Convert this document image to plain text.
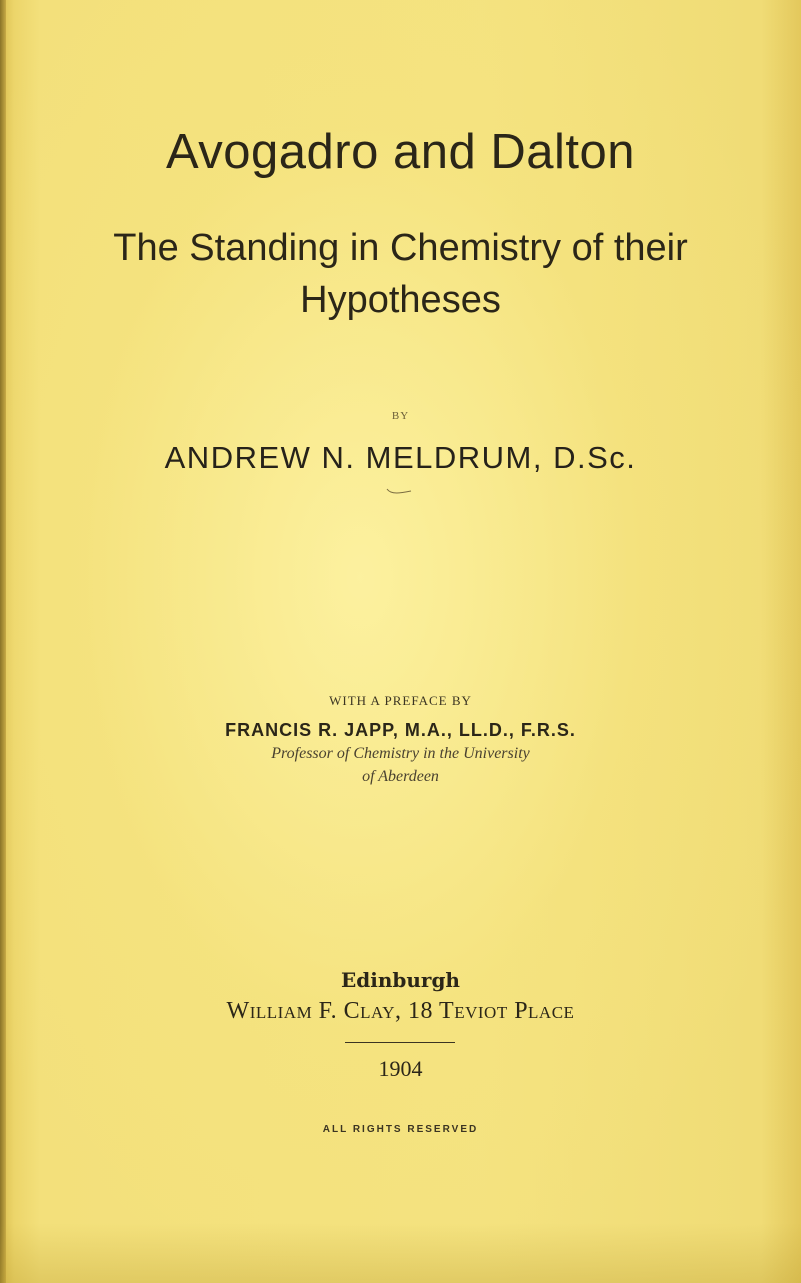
Avogadro and Dalton
The Standing in Chemistry of their
Hypotheses
BY
ANDREW N. MELDRUM, D.Sc.
WITH A PREFACE BY
FRANCIS R. JAPP, M.A., LL.D., F.R.S.
Professor of Chemistry in the University
of Aberdeen
Edinburgh
William F. Clay, 18 Teviot Place
1904
ALL RIGHTS RESERVED
